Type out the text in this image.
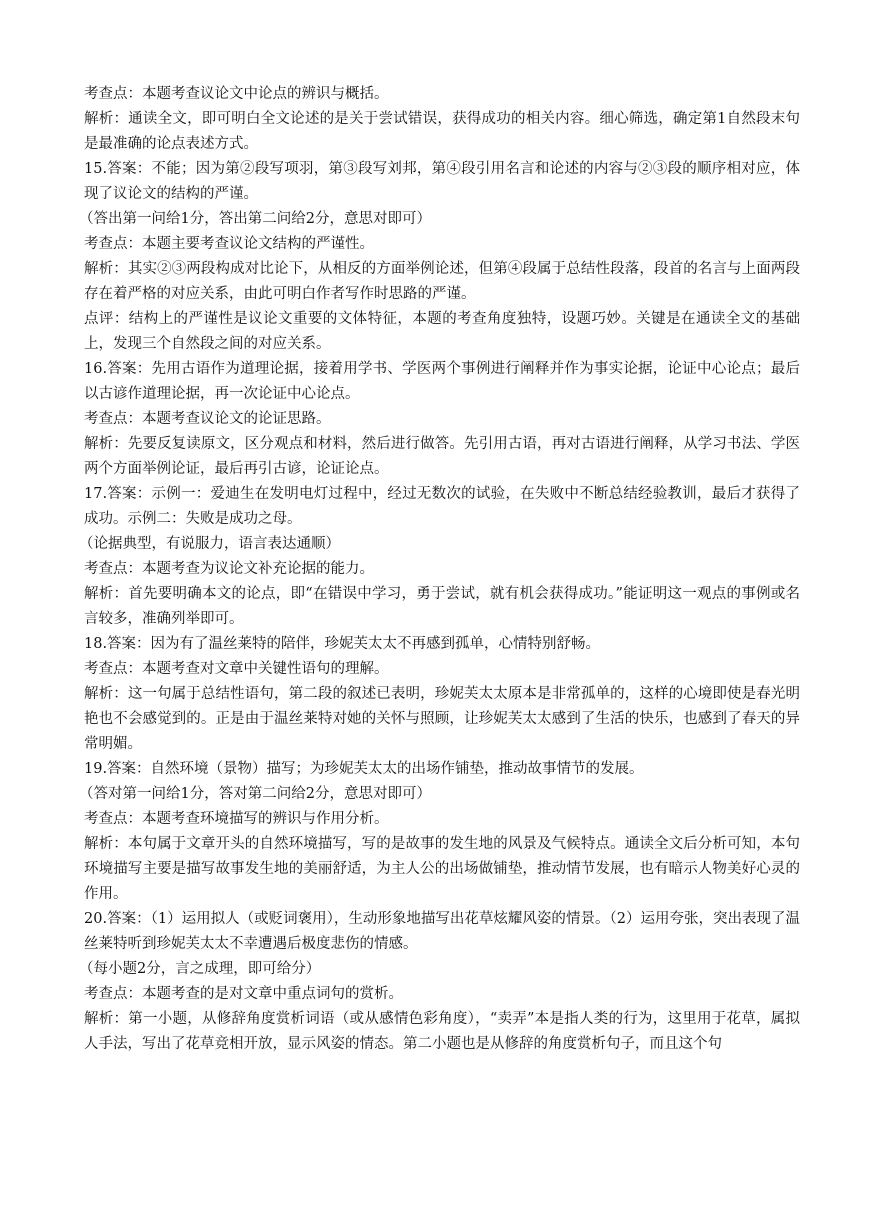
考查点：本题考查议论文中论点的辨识与概括。

解析：通读全文，即可明白全文论述的是关于尝试错误，获得成功的相关内容。细心筛选，确定第1自然段末句是最准确的论点表述方式。

15.答案：不能；因为第②段写项羽，第③段写刘邦，第④段引用名言和论述的内容与②③段的顺序相对应，体现了议论文的结构的严谨。

（答出第一问给1分，答出第二问给2分，意思对即可）

考查点：本题主要考查议论文结构的严谨性。

解析：其实②③两段构成对比论下，从相反的方面举例论述，但第④段属于总结性段落，段首的名言与上面两段存在着严格的对应关系，由此可明白作者写作时思路的严谨。

点评：结构上的严谨性是议论文重要的文体特征，本题的考查角度独特，设题巧妙。关键是在通读全文的基础上，发现三个自然段之间的对应关系。

16.答案：先用古语作为道理论据，接着用学书、学医两个事例进行阐释并作为事实论据，论证中心论点；最后以古谚作道理论据，再一次论证中心论点。

考查点：本题考查议论文的论证思路。

解析：先要反复读原文，区分观点和材料，然后进行做答。先引用古语，再对古语进行阐释，从学习书法、学医两个方面举例论证，最后再引古谚，论证论点。

17.答案：示例一：爱迪生在发明电灯过程中，经过无数次的试验，在失败中不断总结经验教训，最后才获得了成功。示例二：失败是成功之母。

（论据典型，有说服力，语言表达通顺）

考查点：本题考查为议论文补充论据的能力。

解析：首先要明确本文的论点，即“在错误中学习，勇于尝试，就有机会获得成功。”能证明这一观点的事例或名言较多，准确列举即可。

18.答案：因为有了温丝莱特的陪伴，珍妮芙太太不再感到孤单，心情特别舒畅。

考查点：本题考查对文章中关键性语句的理解。

解析：这一句属于总结性语句，第二段的叙述已表明，珍妮芙太太原本是非常孤单的，这样的心境即使是春光明艳也不会感觉到的。正是由于温丝莱特对她的关怀与照顾，让珍妮芙太太感到了生活的快乐，也感到了春天的异常明媚。

19.答案：自然环境（景物）描写；为珍妮芙太太的出场作铺垫，推动故事情节的发展。

（答对第一问给1分，答对第二问给2分，意思对即可）

考查点：本题考查环境描写的辨识与作用分析。

解析：本句属于文章开头的自然环境描写，写的是故事的发生地的风景及气候特点。通读全文后分析可知，本句环境描写主要是描写故事发生地的美丽舒适，为主人公的出场做铺垫，推动情节发展，也有暗示人物美好心灵的作用。

20.答案：（1）运用拟人（或贬词褒用），生动形象地描写出花草炫耀风姿的情景。（2）运用夸张，突出表现了温丝莱特听到珍妮芙太太不幸遭遇后极度悲伤的情感。

（每小题2分，言之成理，即可给分）

考查点：本题考查的是对文章中重点词句的赏析。

解析：第一小题，从修辞角度赏析词语（或从感情色彩角度），“卖弄”本是指人类的行为，这里用于花草，属拟人手法，写出了花草竞相开放，显示风姿的情态。第二小题也是从修辞的角度赏析句子，而且这个句
